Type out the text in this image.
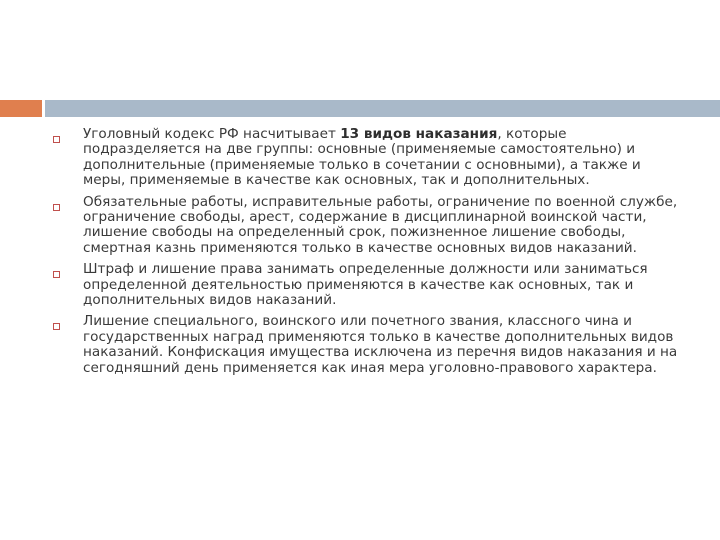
Уголовный кодекс РФ насчитывает 13 видов наказания, которые подразделяется на две группы: основные (применяемые самостоятельно) и дополнительные (применяемые только в сочетании с основными), а также и меры, применяемые в качестве как основных, так и дополнительных.
Обязательные работы, исправительные работы, ограничение по военной службе, ограничение свободы, арест, содержание в дисциплинарной воинской части, лишение свободы на определенный срок, пожизненное лишение свободы, смертная казнь применяются только в качестве основных видов наказаний.
Штраф и лишение права занимать определенные должности или заниматься определенной деятельностью применяются в качестве как основных, так и дополнительных видов наказаний.
Лишение специального, воинского или почетного звания, классного чина и государственных наград применяются только в качестве дополнительных видов наказаний. Конфискация имущества исключена из перечня видов наказания и на сегодняшний день применяется как иная мера уголовно-правового характера.
